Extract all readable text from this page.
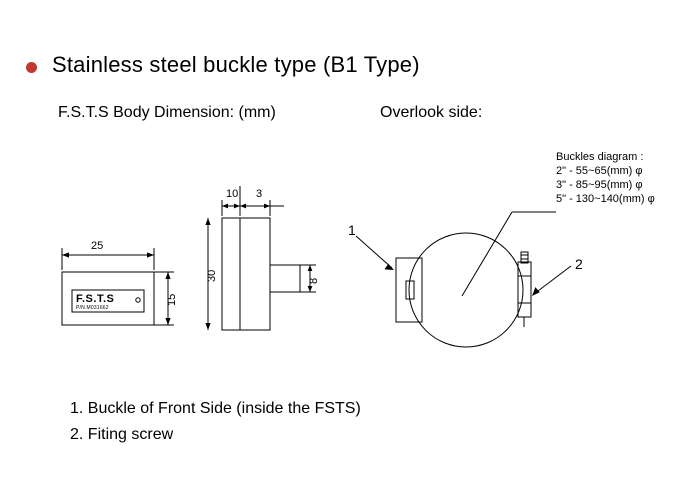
Stainless steel buckle type (B1 Type)
F.S.T.S Body Dimension: (mm)	Overlook side:
Buckles diagram :
2" - 55~65(mm) φ
3" - 85~95(mm) φ
5" - 130~140(mm) φ
F.S.T.S
P/N.M031662
25
15
30
10 3
8
1
2
1. Buckle of Front Side (inside the FSTS)
2. Fiting screw
